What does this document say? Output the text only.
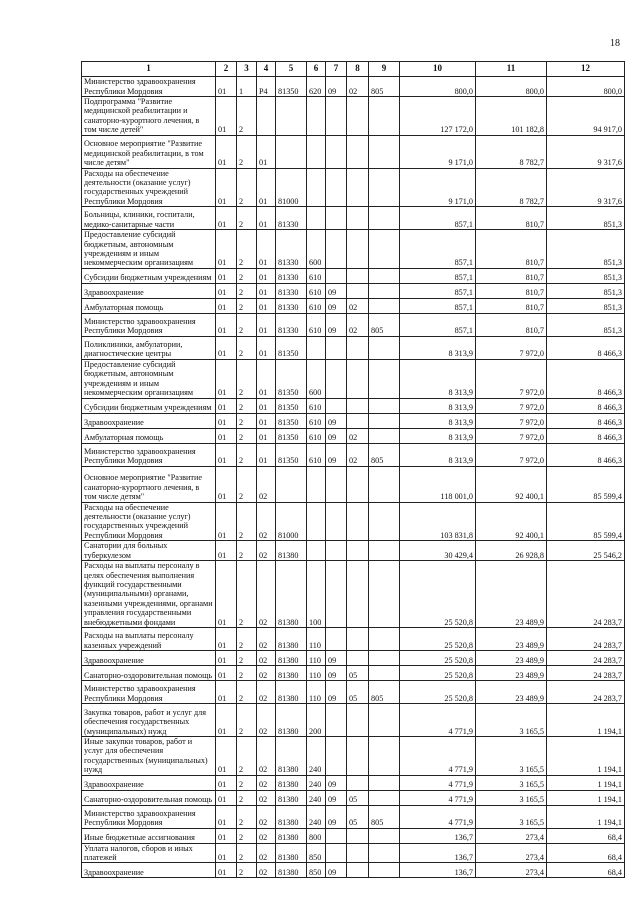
18
1	2	3	4	5	6	7	8	9	10	11	12
Министерство здравоохранения Республики Мордовия	01	1	P4	81350	620	09	02	805	800,0	800,0	800,0
Подпрограмма "Развитие медицинской реабилитации и санаторно-курортного лечения, в том числе детей"	01	2							127 172,0	101 182,8	94 917,0
Основное мероприятие "Развитие медицинской реабилитации, в том числе детям"	01	2	01						9 171,0	8 782,7	9 317,6
Расходы на обеспечение деятельности (оказание услуг) государственных учреждений Республики Мордовия	01	2	01	81000					9 171,0	8 782,7	9 317,6
Больницы, клиники, госпитали, медико-санитарные части	01	2	01	81330					857,1	810,7	851,3
Предоставление субсидий бюджетным, автономным учреждениям и иным некоммерческим организациям	01	2	01	81330	600				857,1	810,7	851,3
Субсидии бюджетным учреждениям	01	2	01	81330	610				857,1	810,7	851,3
Здравоохранение	01	2	01	81330	610	09			857,1	810,7	851,3
Амбулаторная помощь	01	2	01	81330	610	09	02		857,1	810,7	851,3
Министерство здравоохранения Республики Мордовия	01	2	01	81330	610	09	02	805	857,1	810,7	851,3
Поликлиники, амбулатории, диагностические центры	01	2	01	81350					8 313,9	7 972,0	8 466,3
Предоставление субсидий бюджетным, автономным учреждениям и иным некоммерческим организациям	01	2	01	81350	600				8 313,9	7 972,0	8 466,3
Субсидии бюджетным учреждениям	01	2	01	81350	610				8 313,9	7 972,0	8 466,3
Здравоохранение	01	2	01	81350	610	09			8 313,9	7 972,0	8 466,3
Амбулаторная помощь	01	2	01	81350	610	09	02		8 313,9	7 972,0	8 466,3
Министерство здравоохранения Республики Мордовия	01	2	01	81350	610	09	02	805	8 313,9	7 972,0	8 466,3
Основное мероприятие "Развитие санаторно-курортного лечения, в том числе детям"	01	2	02						118 001,0	92 400,1	85 599,4
Расходы на обеспечение деятельности (оказание услуг) государственных учреждений Республики Мордовия	01	2	02	81000					103 831,8	92 400,1	85 599,4
Санатории для больных туберкулезом	01	2	02	81380					30 429,4	26 928,8	25 546,2
Расходы на выплаты персоналу в целях обеспечения выполнения функций государственными (муниципальными) органами, казенными учреждениями, органами управления государственными внебюджетными фондами	01	2	02	81380	100				25 520,8	23 489,9	24 283,7
Расходы на выплаты персоналу казенных учреждений	01	2	02	81380	110				25 520,8	23 489,9	24 283,7
Здравоохранение	01	2	02	81380	110	09			25 520,8	23 489,9	24 283,7
Санаторно-оздоровительная помощь	01	2	02	81380	110	09	05		25 520,8	23 489,9	24 283,7
Министерство здравоохранения Республики Мордовия	01	2	02	81380	110	09	05	805	25 520,8	23 489,9	24 283,7
Закупка товаров, работ и услуг для обеспечения государственных (муниципальных) нужд	01	2	02	81380	200				4 771,9	3 165,5	1 194,1
Иные закупки товаров, работ и услуг для обеспечения государственных (муниципальных) нужд	01	2	02	81380	240				4 771,9	3 165,5	1 194,1
Здравоохранение	01	2	02	81380	240	09			4 771,9	3 165,5	1 194,1
Санаторно-оздоровительная помощь	01	2	02	81380	240	09	05		4 771,9	3 165,5	1 194,1
Министерство здравоохранения Республики Мордовия	01	2	02	81380	240	09	05	805	4 771,9	3 165,5	1 194,1
Иные бюджетные ассигнования	01	2	02	81380	800				136,7	273,4	68,4
Уплата налогов, сборов и иных платежей	01	2	02	81380	850				136,7	273,4	68,4
Здравоохранение	01	2	02	81380	850	09			136,7	273,4	68,4
